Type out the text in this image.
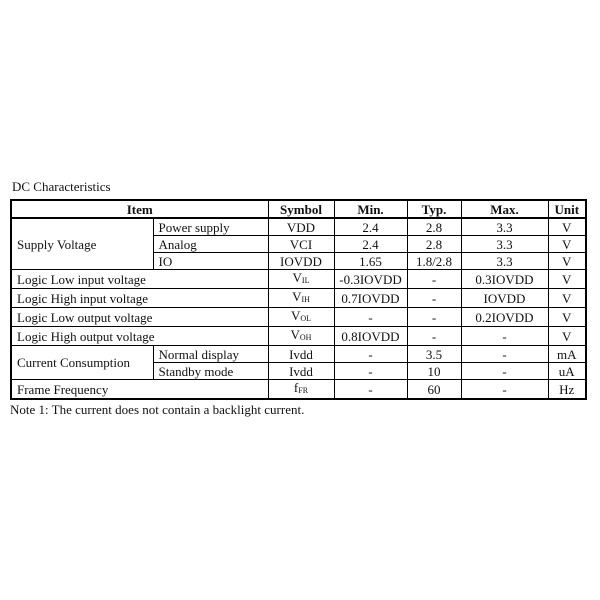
DC Characteristics
Item		Symbol	Min.	Typ.	Max.	Unit
Supply Voltage	Power supply	VDD	2.4	2.8	3.3	V
	Analog	VCI	2.4	2.8	3.3	V
	IO	IOVDD	1.65	1.8/2.8	3.3	V
Logic Low input voltage		$V_{IL}$	-0.3IOVDD	-	0.3IOVDD	V
Logic High input voltage		$V_{IH}$	0.7IOVDD	-	IOVDD	V
Logic Low output voltage		$V_{OL}$	-	-	0.2IOVDD	V
Logic High output voltage		$V_{OH}$	0.8IOVDD	-	-	V
Current Consumption	Normal display	Ivdd	-	3.5	-	mA
	Standby mode	Ivdd	-	10	-	uA
Frame Frequency		$f_{FR}$	-	60	-	Hz
Note 1: The current does not contain a backlight current.
